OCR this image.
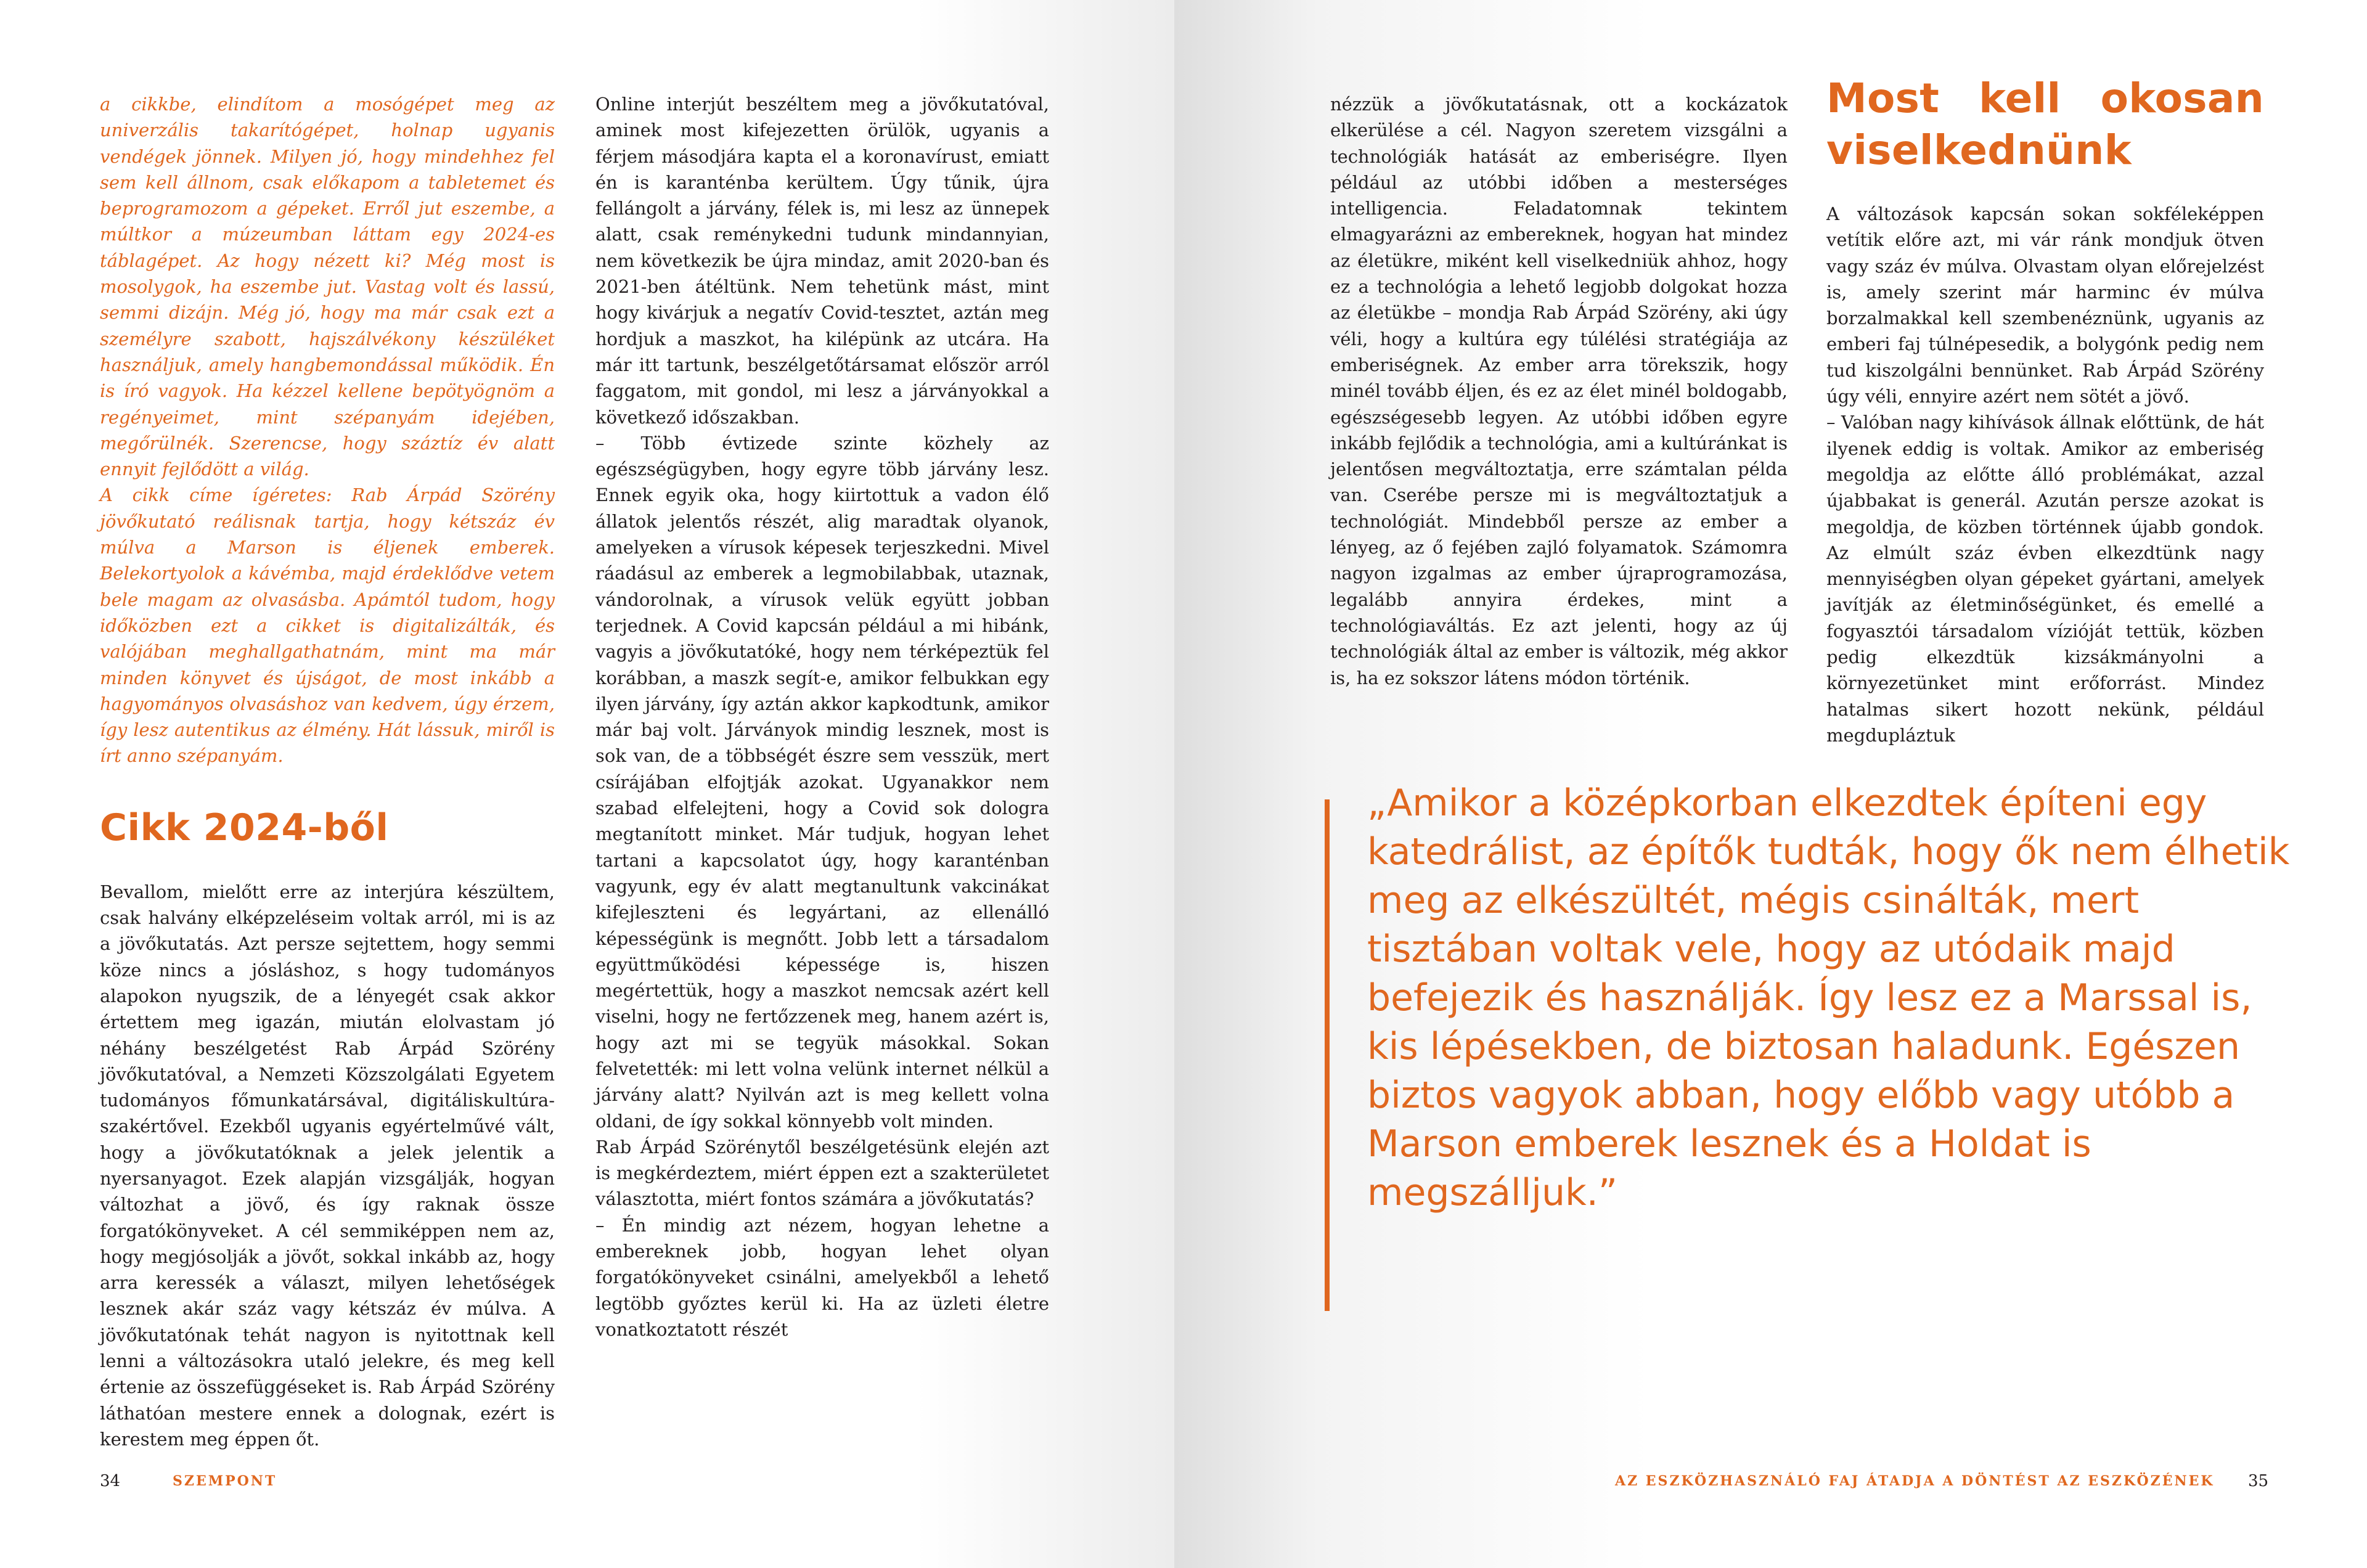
a cikkbe, elindítom a mosógépet meg az univerzális takarítógépet, holnap ugyanis vendégek jönnek. Milyen jó, hogy mindehhez fel sem kell állnom, csak előkapom a tabletemet és beprogramozom a gépeket. Erről jut eszembe, a múltkor a múzeumban láttam egy 2024-es táblagépet. Az hogy nézett ki? Még most is mosolygok, ha eszembe jut. Vastag volt és lassú, semmi dizájn. Még jó, hogy ma már csak ezt a személyre szabott, hajszálvékony készüléket használjuk, amely hangbemondással működik. Én is író vagyok. Ha kézzel kellene bepötyögnöm a regényeimet, mint szépanyám idejében, megőrülnék. Szerencse, hogy száztíz év alatt ennyit fejlődött a világ.

A cikk címe ígéretes: Rab Árpád Szörény jövőkutató reálisnak tartja, hogy kétszáz év múlva a Marson is éljenek emberek. Belekortyolok a kávémba, majd érdeklődve vetem bele magam az olvasásba. Apámtól tudom, hogy időközben ezt a cikket is digitalizálták, és valójában meghallgathatnám, mint ma már minden könyvet és újságot, de most inkább a hagyományos olvasáshoz van kedvem, úgy érzem, így lesz autentikus az élmény. Hát lássuk, miről is írt anno szépanyám.

Cikk 2024-ből

Bevallom, mielőtt erre az interjúra készültem, csak halvány elképzeléseim voltak arról, mi is az a jövőkutatás. Azt persze sejtettem, hogy semmi köze nincs a jósláshoz, s hogy tudományos alapokon nyugszik, de a lényegét csak akkor értettem meg igazán, miután elolvastam jó néhány beszélgetést Rab Árpád Szörény jövőkutatóval, a Nemzeti Közszolgálati Egyetem tudományos főmunkatársával, digitáliskultúra-szakértővel. Ezekből ugyanis egyértelművé vált, hogy a jövőkutatóknak a jelek jelentik a nyersanyagot. Ezek alapján vizsgálják, hogyan változhat a jövő, és így raknak össze forgatókönyveket. A cél semmiképpen nem az, hogy megjósolják a jövőt, sokkal inkább az, hogy arra keressék a választ, milyen lehetőségek lesznek akár száz vagy kétszáz év múlva. A jövőkutatónak tehát nagyon is nyitottnak kell lenni a változásokra utaló jelekre, és meg kell értenie az összefüggéseket is. Rab Árpád Szörény láthatóan mestere ennek a dolognak, ezért is kerestem meg éppen őt.

Online interjút beszéltem meg a jövőkutatóval, aminek most kifejezetten örülök, ugyanis a férjem másodjára kapta el a koronavírust, emiatt én is karanténba kerültem. Úgy tűnik, újra fellángolt a járvány, félek is, mi lesz az ünnepek alatt, csak reménykedni tudunk mindannyian, nem következik be újra mindaz, amit 2020-ban és 2021-ben átéltünk. Nem tehetünk mást, mint hogy kivárjuk a negatív Covid-tesztet, aztán meg hordjuk a maszkot, ha kilépünk az utcára. Ha már itt tartunk, beszélgetőtársamat először arról faggatom, mit gondol, mi lesz a járványokkal a következő időszakban.

– Több évtizede szinte közhely az egészségügyben, hogy egyre több járvány lesz. Ennek egyik oka, hogy kiirtottuk a vadon élő állatok jelentős részét, alig maradtak olyanok, amelyeken a vírusok képesek terjeszkedni. Mivel ráadásul az emberek a legmobilabbak, utaznak, vándorolnak, a vírusok velük együtt jobban terjednek. A Covid kapcsán például a mi hibánk, vagyis a jövőkutatóké, hogy nem térképeztük fel korábban, a maszk segít-e, amikor felbukkan egy ilyen járvány, így aztán akkor kapkodtunk, amikor már baj volt. Járványok mindig lesznek, most is sok van, de a többségét észre sem vesszük, mert csírájában elfojtják azokat. Ugyanakkor nem szabad elfelejteni, hogy a Covid sok dologra megtanított minket. Már tudjuk, hogyan lehet tartani a kapcsolatot úgy, hogy karanténban vagyunk, egy év alatt megtanultunk vakcinákat kifejleszteni és legyártani, az ellenálló képességünk is megnőtt. Jobb lett a társadalom együttműködési képessége is, hiszen megértettük, hogy a maszkot nemcsak azért kell viselni, hogy ne fertőzzenek meg, hanem azért is, hogy azt mi se tegyük másokkal. Sokan felvetették: mi lett volna velünk internet nélkül a járvány alatt? Nyilván azt is meg kellett volna oldani, de így sokkal könnyebb volt minden.

Rab Árpád Szörénytől beszélgetésünk elején azt is megkérdeztem, miért éppen ezt a szakterületet választotta, miért fontos számára a jövőkutatás?

– Én mindig azt nézem, hogyan lehetne a embereknek jobb, hogyan lehet olyan forgatókönyveket csinálni, amelyekből a lehető legtöbb győztes kerül ki. Ha az üzleti életre vonatkoztatott részét

34	SZEMPONT

nézzük a jövőkutatásnak, ott a kockázatok elkerülése a cél. Nagyon szeretem vizsgálni a technológiák hatását az emberiségre. Ilyen például az utóbbi időben a mesterséges intelligencia. Feladatomnak tekintem elmagyarázni az embereknek, hogyan hat mindez az életükre, miként kell viselkedniük ahhoz, hogy ez a technológia a lehető legjobb dolgokat hozza az életükbe – mondja Rab Árpád Szörény, aki úgy véli, hogy a kultúra egy túlélési stratégiája az emberiségnek. Az ember arra törekszik, hogy minél tovább éljen, és ez az élet minél boldogabb, egészségesebb legyen. Az utóbbi időben egyre inkább fejlődik a technológia, ami a kultúránkat is jelentősen megváltoztatja, erre számtalan példa van. Cserébe persze mi is megváltoztatjuk a technológiát. Mindebből persze az ember a lényeg, az ő fejében zajló folyamatok. Számomra nagyon izgalmas az ember újraprogramozása, legalább annyira érdekes, mint a technológiaváltás. Ez azt jelenti, hogy az új technológiák által az ember is változik, még akkor is, ha ez sokszor látens módon történik.

Most kell okosan viselkednünk

A változások kapcsán sokan sokféleképpen vetítik előre azt, mi vár ránk mondjuk ötven vagy száz év múlva. Olvastam olyan előrejelzést is, amely szerint már harminc év múlva borzalmakkal kell szembenéznünk, ugyanis az emberi faj túlnépesedik, a bolygónk pedig nem tud kiszolgálni bennünket. Rab Árpád Szörény úgy véli, ennyire azért nem sötét a jövő.

– Valóban nagy kihívások állnak előttünk, de hát ilyenek eddig is voltak. Amikor az emberiség megoldja az előtte álló problémákat, azzal újabbakat is generál. Azután persze azokat is megoldja, de közben történnek újabb gondok. Az elmúlt száz évben elkezdtünk nagy mennyiségben olyan gépeket gyártani, amelyek javítják az életminőségünket, és emellé a fogyasztói társadalom vízióját tettük, közben pedig elkezdtük kizsákmányolni a környezetünket mint erőforrást. Mindez hatalmas sikert hozott nekünk, például megdupláztuk

35
AZ ESZKÖZHASZNÁLÓ FAJ ÁTADJA A DÖNTÉST AZ ESZKÖZÉNEK
„Amikor a középkorban elkezdtek építeni egy katedrálist, az építők tudták, hogy ők nem élhetik meg az elkészültét, mégis csinálták, mert tisztában voltak vele, hogy az utódaik majd befejezik és használják. Így lesz ez a Marssal is, kis lépésekben, de biztosan haladunk. Egészen biztos vagyok abban, hogy előbb vagy utóbb a Marson emberek lesznek és a Holdat is megszálljuk.”
